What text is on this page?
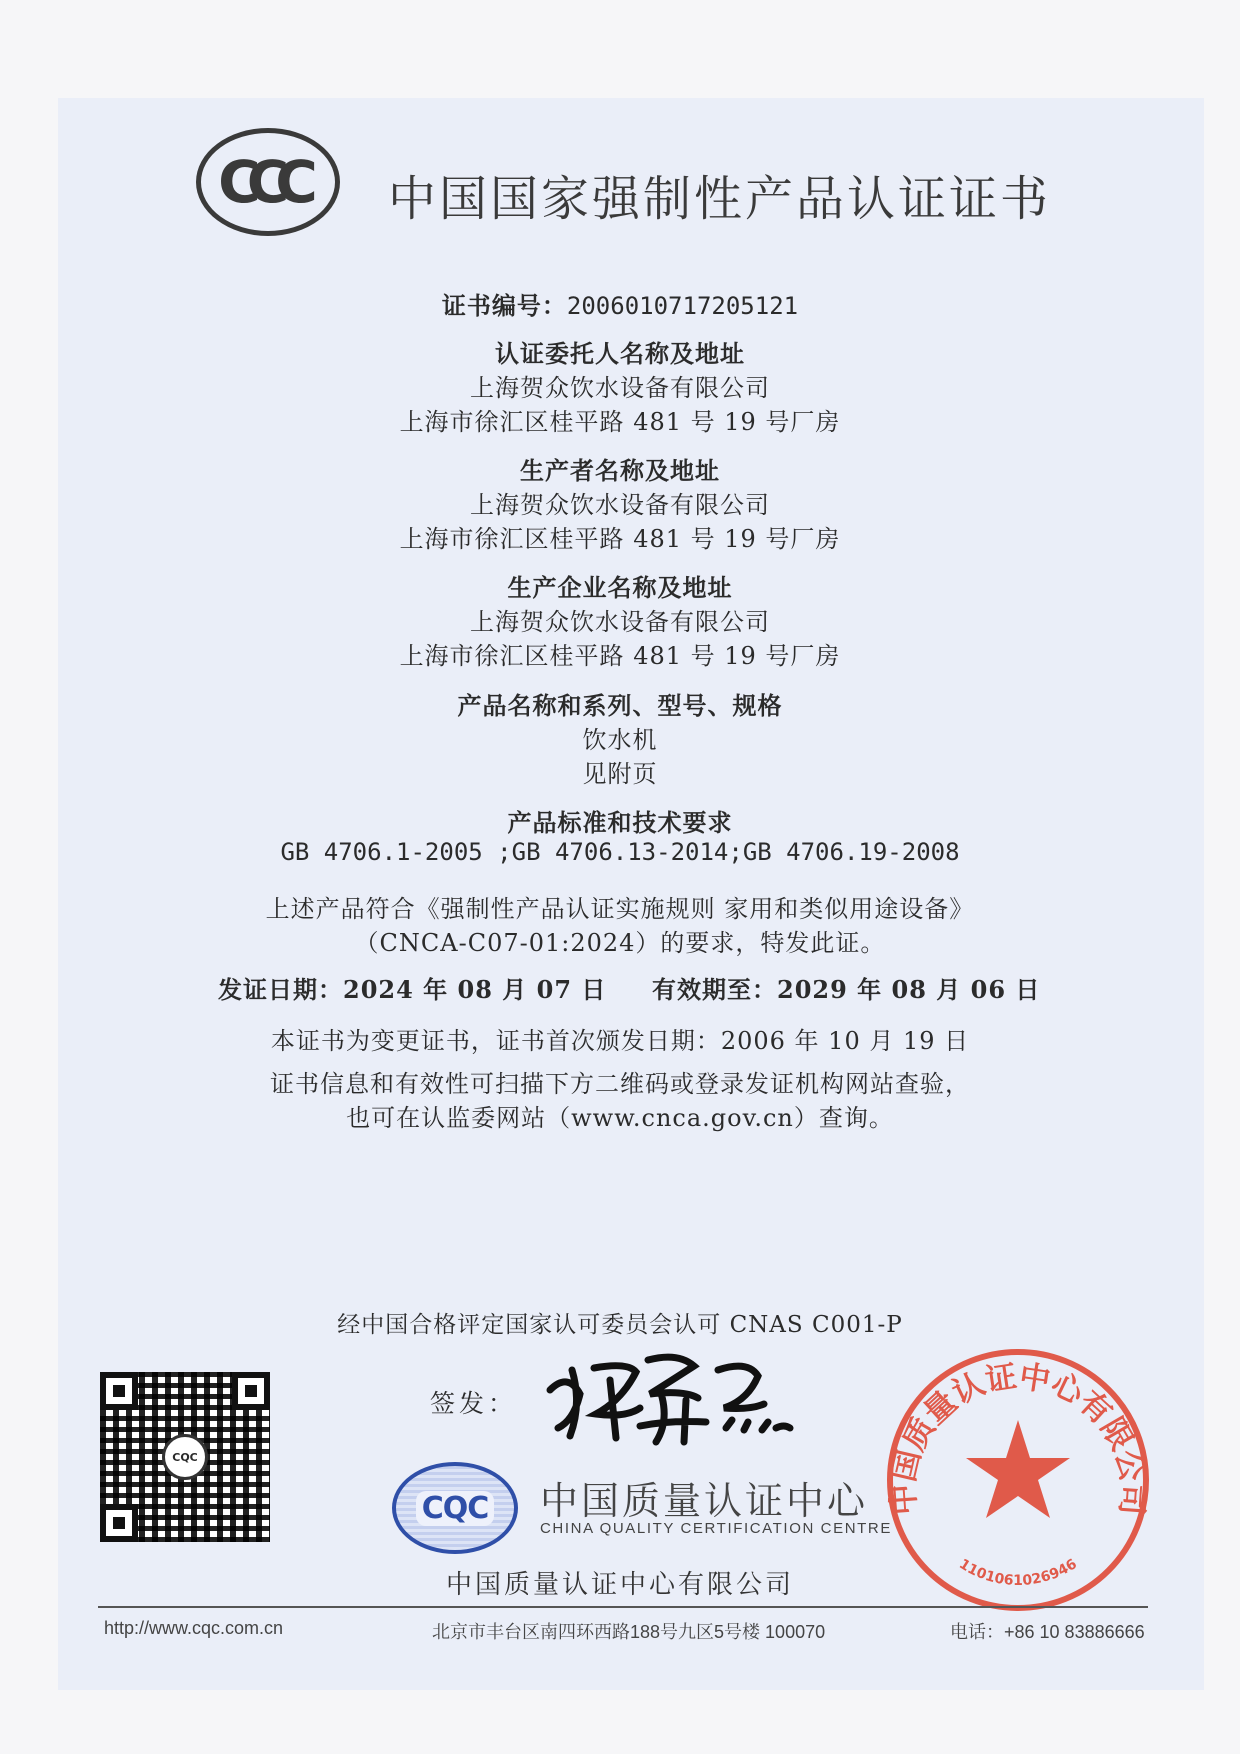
CCC	中国国家强制性产品认证证书
证书编号：2006010717205121
认证委托人名称及地址
上海贺众饮水设备有限公司
上海市徐汇区桂平路 481 号 19 号厂房
生产者名称及地址
上海贺众饮水设备有限公司
上海市徐汇区桂平路 481 号 19 号厂房
生产企业名称及地址
上海贺众饮水设备有限公司
上海市徐汇区桂平路 481 号 19 号厂房
产品名称和系列、型号、规格
饮水机
见附页
产品标准和技术要求
GB 4706.1-2005 ;GB 4706.13-2014;GB 4706.19-2008
上述产品符合《强制性产品认证实施规则 家用和类似用途设备》
（CNCA-C07-01:2024）的要求，特发此证。
发证日期：2024 年 08 月 07 日 有效期至：2029 年 08 月 06 日
本证书为变更证书，证书首次颁发日期：2006 年 10 月 19 日
证书信息和有效性可扫描下方二维码或登录发证机构网站查验，
也可在认监委网站（www.cnca.gov.cn）查询。
经中国合格评定国家认可委员会认可 CNAS C001-P
CQC
签发：
CQC 中国质量认证中心
CHINA QUALITY CERTIFICATION CENTRE
中国质量认证中心有限公司
1101061026946
中国质量认证中心有限公司
http://www.cqc.com.cn	北京市丰台区南四环西路188号九区5号楼 100070	电话：+86 10 83886666
